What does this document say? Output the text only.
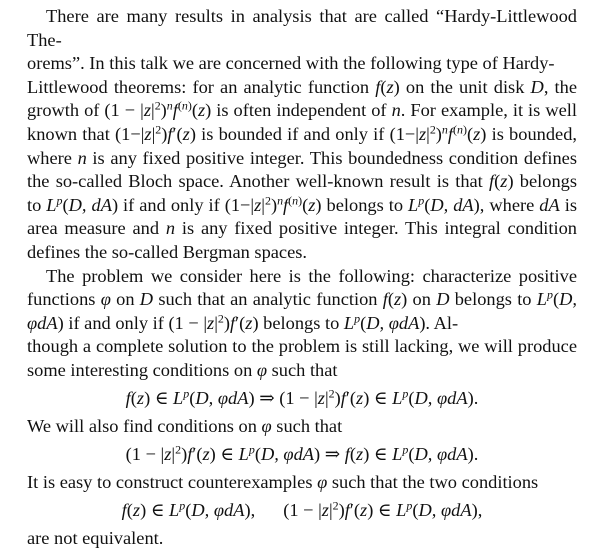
There are many results in analysis that are called “Hardy-Littlewood The-
orems”. In this talk we are concerned with the following type of Hardy-
Littlewood theorems: for an analytic function f(z) on the unit disk D, the growth of $(1 - |z|^2)^nf^{(n)}(z)$ is often independent of n. For example, it is well known that $(1-|z|^2)f'(z)$ is bounded if and only if $(1-|z|^2)^nf^{(n)}(z)$ is bounded, where n is any fixed positive integer. This boundedness condition defines the so-called Bloch space. Another well-known result is that f(z) belongs to $L^p(D$, dA) if and only if $(1-|z|^2)^nf^{(n)}(z)$ belongs to $L^p(D$, dA), where dA is area measure and n is any fixed positive integer. This integral condition defines the so-called Bergman spaces.

The problem we consider here is the following: characterize positive functions φ on D such that an analytic function f(z) on D belongs to $L^p(D$, φdA) if and only if $(1 - |z|^2)f'(z)$ belongs to $L^p(D$, φdA). Al-
though a complete solution to the problem is still lacking, we will produce some interesting conditions on φ such that

f(z) ∈ $L^p(D$, φdA) ⇒ $(1 - |z|^2)f'(z)$ ∈ $L^p(D$, φdA).

We will also find conditions on φ such that

$(1 - |z|^2)f'(z)$ ∈ $L^p(D$, φdA) ⇒ f(z) ∈ $L^p(D$, φdA).

It is easy to construct counterexamples φ such that the two conditions

f(z) ∈ $L^p(D$, φdA), $(1 - |z|^2)f'(z)$ ∈ $L^p(D$, φdA),

are not equivalent.
